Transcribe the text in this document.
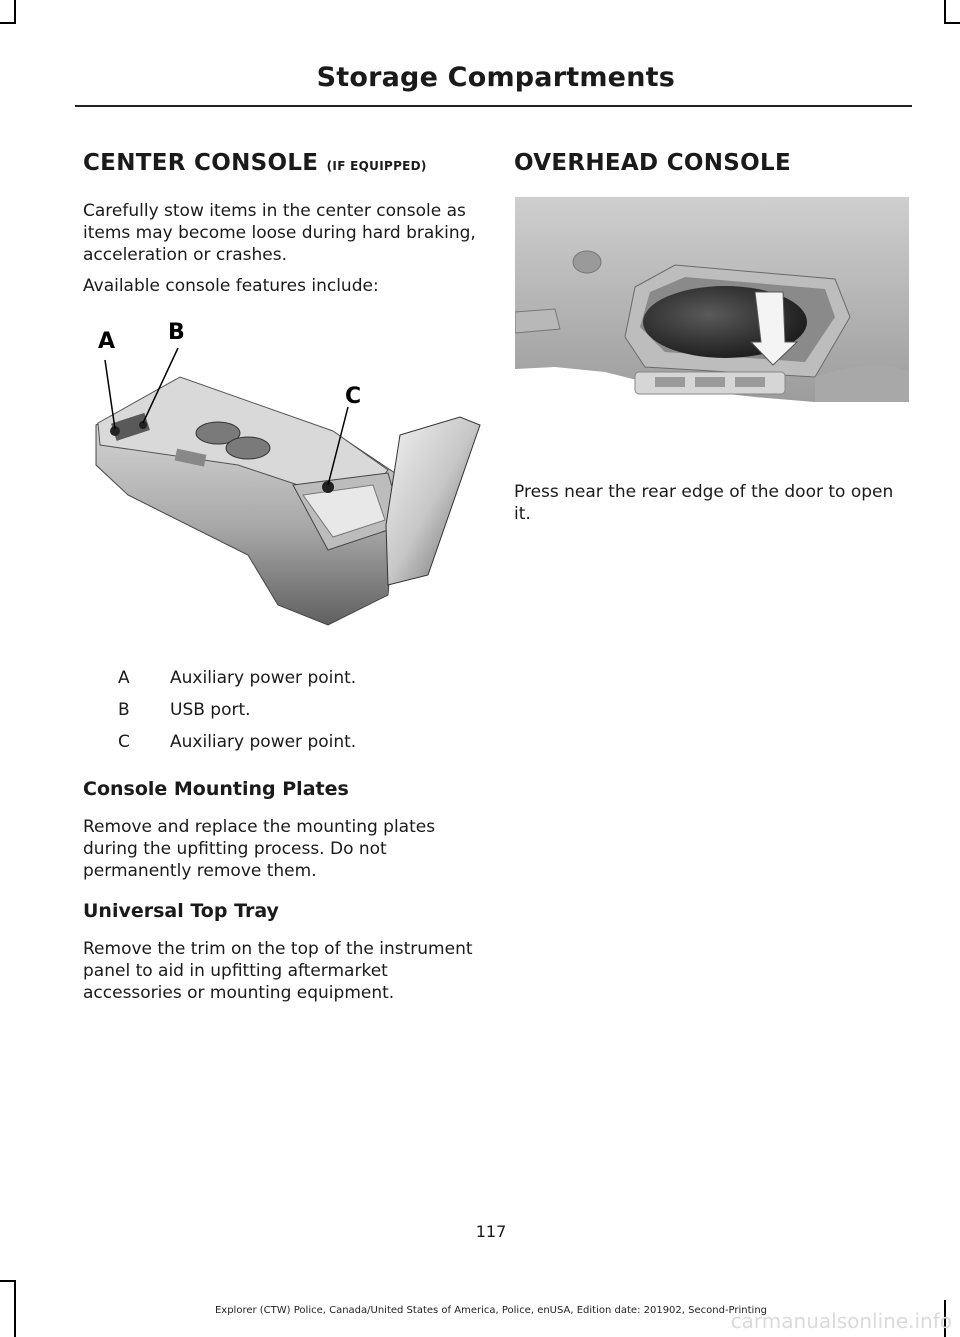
Storage Compartments
CENTER CONSOLE (IF EQUIPPED)

Carefully stow items in the center console as items may become loose during hard braking, acceleration or crashes.

Available console features include:

A B
C
A Auxiliary power point.
B USB port.
C Auxiliary power point.
Console Mounting Plates

Remove and replace the mounting plates during the upfitting process. Do not permanently remove them.

Universal Top Tray

Remove the trim on the top of the instrument panel to aid in upfitting aftermarket accessories or mounting equipment.

OVERHEAD CONSOLE

Press near the rear edge of the door to open it.

117
Explorer (CTW) Police, Canada/United States of America, Police, enUSA, Edition date: 201902, Second-Printing
carmanualsonline.info
